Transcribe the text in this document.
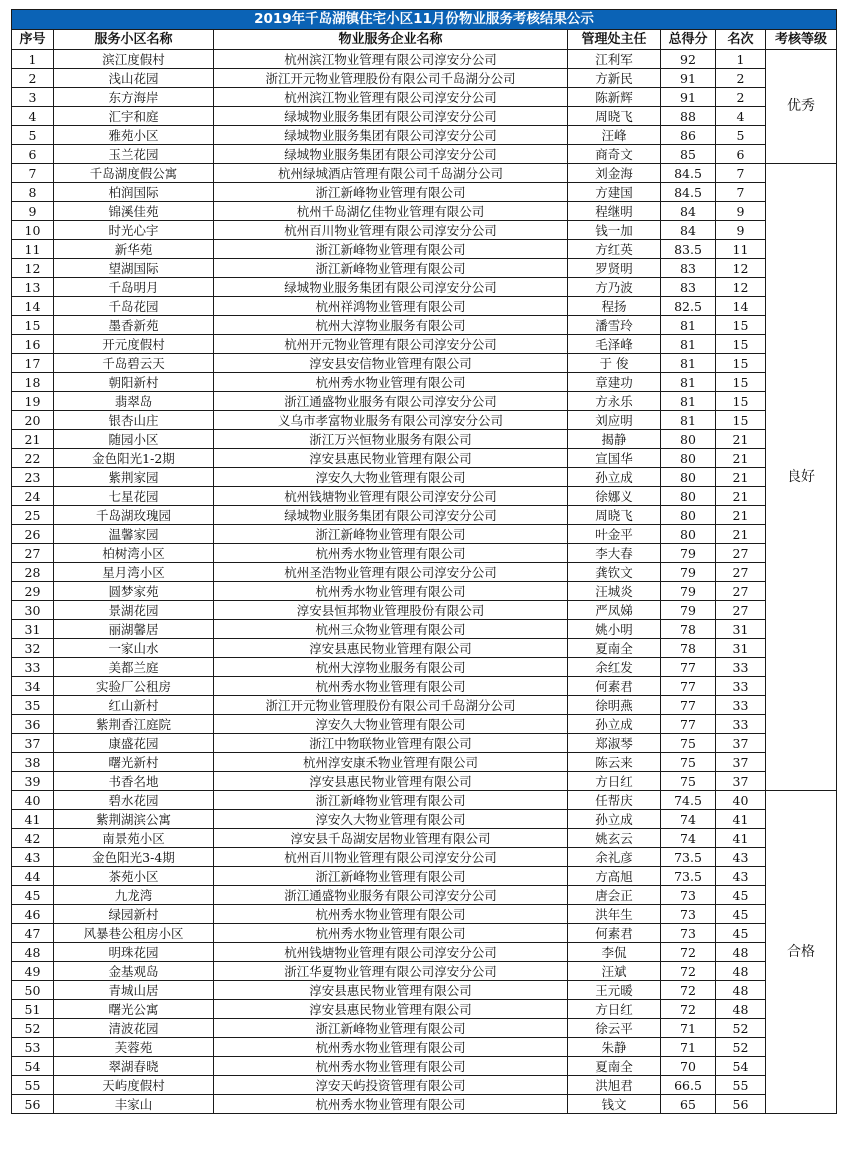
2019年千岛湖镇住宅小区11月份物业服务考核结果公示						
序号	服务小区名称	物业服务企业名称	管理处主任	总得分	名次	考核等级
1	滨江度假村	杭州滨江物业管理有限公司淳安分公司	江利军	92	1	优秀
2	浅山花园	浙江开元物业管理股份有限公司千岛湖分公司	方新民	91	2	
3	东方海岸	杭州滨江物业管理有限公司淳安分公司	陈新辉	91	2	
4	汇宇和庭	绿城物业服务集团有限公司淳安分公司	周晓飞	88	4	
5	雅苑小区	绿城物业服务集团有限公司淳安分公司	汪峰	86	5	
6	玉兰花园	绿城物业服务集团有限公司淳安分公司	商奇文	85	6	
7	千岛湖度假公寓	杭州绿城酒店管理有限公司千岛湖分公司	刘金海	84.5	7	良好
8	柏润国际	浙江新峰物业管理有限公司	方建国	84.5	7	
9	锦溪佳苑	杭州千岛湖亿佳物业管理有限公司	程继明	84	9	
10	时光心宇	杭州百川物业管理有限公司淳安分公司	钱一加	84	9	
11	新华苑	浙江新峰物业管理有限公司	方红英	83.5	11	
12	望湖国际	浙江新峰物业管理有限公司	罗贤明	83	12	
13	千岛明月	绿城物业服务集团有限公司淳安分公司	方乃波	83	12	
14	千岛花园	杭州祥鸿物业管理有限公司	程扬	82.5	14	
15	墨香新苑	杭州大淳物业服务有限公司	潘雪玲	81	15	
16	开元度假村	杭州开元物业管理有限公司淳安分公司	毛泽峰	81	15	
17	千岛碧云天	淳安县安信物业管理有限公司	于 俊	81	15	
18	朝阳新村	杭州秀水物业管理有限公司	章建功	81	15	
19	翡翠岛	浙江通盛物业服务有限公司淳安分公司	方永乐	81	15	
20	银杏山庄	义乌市孝富物业服务有限公司淳安分公司	刘应明	81	15	
21	随园小区	浙江万兴恒物业服务有限公司	揭静	80	21	
22	金色阳光1-2期	淳安县惠民物业管理有限公司	宣国华	80	21	
23	紫荆家园	淳安久大物业管理有限公司	孙立成	80	21	
24	七星花园	杭州钱塘物业管理有限公司淳安分公司	徐娜义	80	21	
25	千岛湖玫瑰园	绿城物业服务集团有限公司淳安分公司	周晓飞	80	21	
26	温馨家园	浙江新峰物业管理有限公司	叶金平	80	21	
27	柏树湾小区	杭州秀水物业管理有限公司	李大春	79	27	
28	星月湾小区	杭州圣浩物业管理有限公司淳安分公司	龚钦文	79	27	
29	圆梦家苑	杭州秀水物业管理有限公司	汪城炎	79	27	
30	景湖花园	淳安县恒邦物业管理股份有限公司	严凤娣	79	27	
31	丽湖馨居	杭州三众物业管理有限公司	姚小明	78	31	
32	一家山水	淳安县惠民物业管理有限公司	夏南全	78	31	
33	美都兰庭	杭州大淳物业服务有限公司	余红发	77	33	
34	实验厂公租房	杭州秀水物业管理有限公司	何素君	77	33	
35	红山新村	浙江开元物业管理股份有限公司千岛湖分公司	徐明燕	77	33	
36	紫荆香江庭院	淳安久大物业管理有限公司	孙立成	77	33	
37	康盛花园	浙江中物联物业管理有限公司	郑淑琴	75	37	
38	曙光新村	杭州淳安康禾物业管理有限公司	陈云来	75	37	
39	书香名地	淳安县惠民物业管理有限公司	方日红	75	37	
40	碧水花园	浙江新峰物业管理有限公司	任帮庆	74.5	40	合格
41	紫荆湖滨公寓	淳安久大物业管理有限公司	孙立成	74	41	
42	南景苑小区	淳安县千岛湖安居物业管理有限公司	姚玄云	74	41	
43	金色阳光3-4期	杭州百川物业管理有限公司淳安分公司	余礼彦	73.5	43	
44	茶苑小区	浙江新峰物业管理有限公司	方高旭	73.5	43	
45	九龙湾	浙江通盛物业服务有限公司淳安分公司	唐会正	73	45	
46	绿园新村	杭州秀水物业管理有限公司	洪年生	73	45	
47	风暴巷公租房小区	杭州秀水物业管理有限公司	何素君	73	45	
48	明珠花园	杭州钱塘物业管理有限公司淳安分公司	李侃	72	48	
49	金基观岛	浙江华夏物业管理有限公司淳安分公司	汪斌	72	48	
50	青城山居	淳安县惠民物业管理有限公司	王元暖	72	48	
51	曙光公寓	淳安县惠民物业管理有限公司	方日红	72	48	
52	清波花园	浙江新峰物业管理有限公司	徐云平	71	52	
53	芙蓉苑	杭州秀水物业管理有限公司	朱静	71	52	
54	翠湖春晓	杭州秀水物业管理有限公司	夏南全	70	54	
55	天屿度假村	淳安天屿投资管理有限公司	洪旭君	66.5	55	
56	丰家山	杭州秀水物业管理有限公司	钱文	65	56	
